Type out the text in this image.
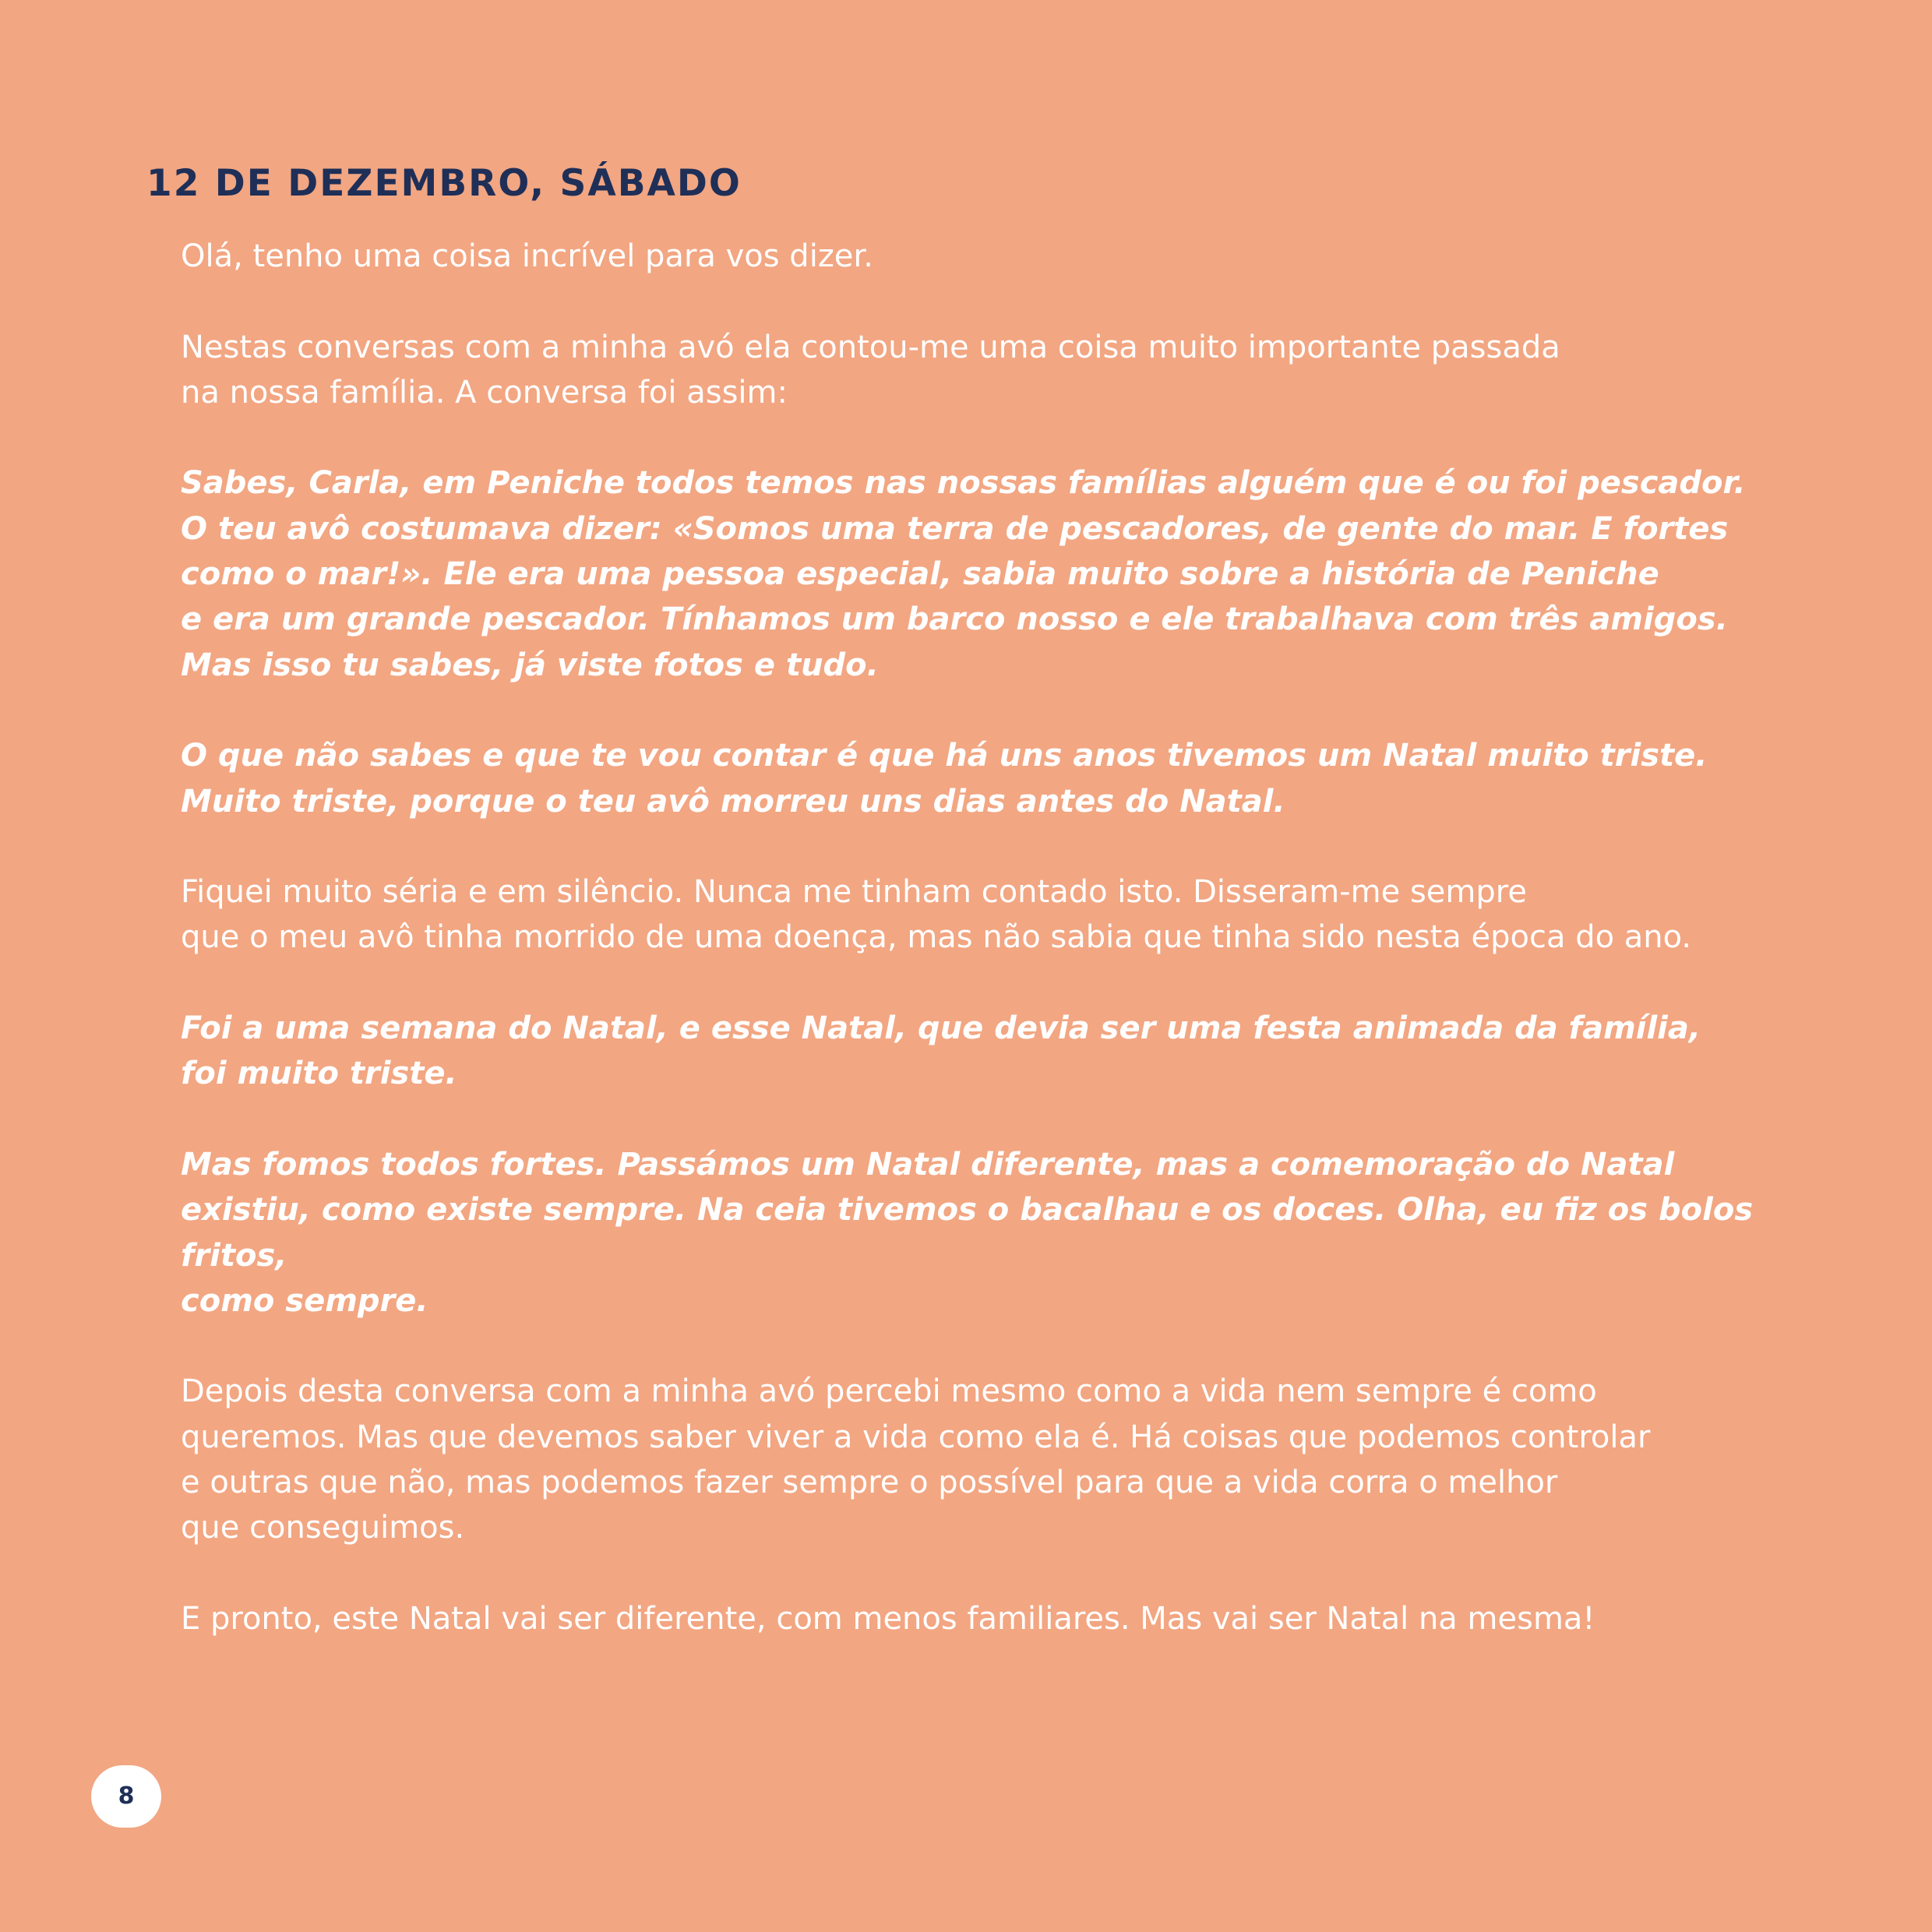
12 DE DEZEMBRO, SÁBADO

Olá, tenho uma coisa incrível para vos dizer.

Nestas conversas com a minha avó ela contou-me uma coisa muito importante passada
na nossa família. A conversa foi assim:

Sabes, Carla, em Peniche todos temos nas nossas famílias alguém que é ou foi pescador.
O teu avô costumava dizer: «Somos uma terra de pescadores, de gente do mar. E fortes
como o mar!». Ele era uma pessoa especial, sabia muito sobre a história de Peniche
e era um grande pescador. Tínhamos um barco nosso e ele trabalhava com três amigos.
Mas isso tu sabes, já viste fotos e tudo.

O que não sabes e que te vou contar é que há uns anos tivemos um Natal muito triste.
Muito triste, porque o teu avô morreu uns dias antes do Natal.

Fiquei muito séria e em silêncio. Nunca me tinham contado isto. Disseram-me sempre
que o meu avô tinha morrido de uma doença, mas não sabia que tinha sido nesta época do ano.

Foi a uma semana do Natal, e esse Natal, que devia ser uma festa animada da família,
foi muito triste.

Mas fomos todos fortes. Passámos um Natal diferente, mas a comemoração do Natal
existiu, como existe sempre. Na ceia tivemos o bacalhau e os doces. Olha, eu fiz os bolos fritos,
como sempre.

Depois desta conversa com a minha avó percebi mesmo como a vida nem sempre é como
queremos. Mas que devemos saber viver a vida como ela é. Há coisas que podemos controlar
e outras que não, mas podemos fazer sempre o possível para que a vida corra o melhor
que conseguimos.

E pronto, este Natal vai ser diferente, com menos familiares. Mas vai ser Natal na mesma!

8
